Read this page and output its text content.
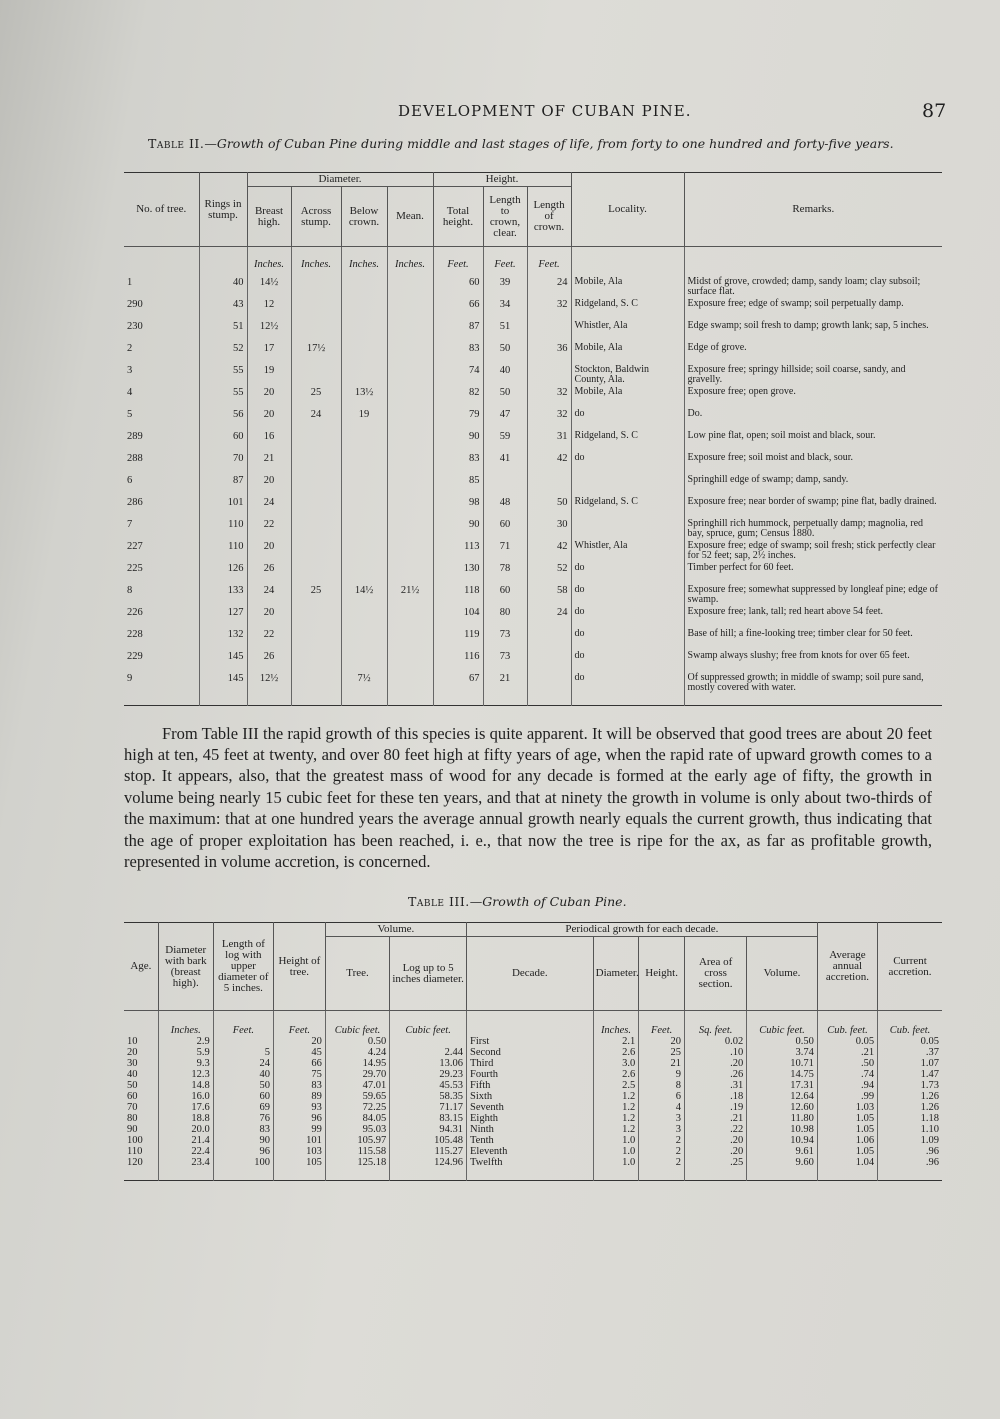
DEVELOPMENT OF CUBAN PINE.	87
Table II.—Growth of Cuban Pine during middle and last stages of life, from forty to one hundred and forty-five years.
No. of tree.	Rings in stump.	Diameter.				Height.			Locality.	Remarks.
		Breast high.	Across stump.	Below crown.	Mean.	Total height.	Length to crown, clear.	Length of crown.		
		Inches.	Inches.	Inches.	Inches.	Feet.	Feet.	Feet.		
1	40	14½				60	39	24	Mobile, Ala	Midst of grove, crowded; damp, sandy loam; clay subsoil; surface flat.
290	43	12				66	34	32	Ridgeland, S. C	Exposure free; edge of swamp; soil perpetually damp.
230	51	12½				87	51		Whistler, Ala	Edge swamp; soil fresh to damp; growth lank; sap, 5 inches.
2	52	17	17½			83	50	36	Mobile, Ala	Edge of grove.
3	55	19				74	40		Stockton, Baldwin County, Ala.	Exposure free; springy hillside; soil coarse, sandy, and gravelly.
4	55	20	25	13½		82	50	32	Mobile, Ala	Exposure free; open grove.
5	56	20	24	19		79	47	32	do	Do.
289	60	16				90	59	31	Ridgeland, S. C	Low pine flat, open; soil moist and black, sour.
288	70	21				83	41	42	do	Exposure free; soil moist and black, sour.
6	87	20				85				Springhill edge of swamp; damp, sandy.
286	101	24				98	48	50	Ridgeland, S. C	Exposure free; near border of swamp; pine flat, badly drained.
7	110	22				90	60	30		Springhill rich hummock, perpetually damp; magnolia, red bay, spruce, gum; Census 1880.
227	110	20				113	71	42	Whistler, Ala	Exposure free; edge of swamp; soil fresh; stick perfectly clear for 52 feet; sap, 2½ inches.
225	126	26				130	78	52	do	Timber perfect for 60 feet.
8	133	24	25	14½	21½	118	60	58	do	Exposure free; somewhat suppressed by longleaf pine; edge of swamp.
226	127	20				104	80	24	do	Exposure free; lank, tall; red heart above 54 feet.
228	132	22				119	73		do	Base of hill; a fine-looking tree; timber clear for 50 feet.
229	145	26				116	73		do	Swamp always slushy; free from knots for over 65 feet.
9	145	12½		7½		67	21		do	Of suppressed growth; in middle of swamp; soil pure sand, mostly covered with water.

From Table III the rapid growth of this species is quite apparent. It will be observed that good trees are about 20 feet high at ten, 45 feet at twenty, and over 80 feet high at fifty years of age, when the rapid rate of upward growth comes to a stop. It appears, also, that the greatest mass of wood for any decade is formed at the early age of fifty, the growth in volume being nearly 15 cubic feet for these ten years, and that at ninety the growth in volume is only about two-thirds of the maximum: that at one hundred years the average annual growth nearly equals the current growth, thus indicating that the age of proper exploitation has been reached, i. e., that now the tree is ripe for the ax, as far as profitable growth, represented in volume accretion, is concerned.

Table III.—Growth of Cuban Pine.
Age.	Diameter with bark (breast high).	Length of log with upper diameter of 5 inches.	Height of tree.	Volume.		Periodical growth for each decade.					Average annual accretion.	Current accretion.
				Tree.	Log up to 5 inches diameter.	Decade.	Diameter.	Height.	Area of cross section.	Volume.		
	Inches.	Feet.	Feet.	Cubic feet.	Cubic feet.		Inches.	Feet.	Sq. feet.	Cubic feet.	Cub. feet.	Cub. feet.
10	2.9		20	0.50		First	2.1	20	0.02	0.50	0.05	0.05
20	5.9	5	45	4.24	2.44	Second	2.6	25	.10	3.74	.21	.37
30	9.3	24	66	14.95	13.06	Third	3.0	21	.20	10.71	.50	1.07
40	12.3	40	75	29.70	29.23	Fourth	2.6	9	.26	14.75	.74	1.47
50	14.8	50	83	47.01	45.53	Fifth	2.5	8	.31	17.31	.94	1.73
60	16.0	60	89	59.65	58.35	Sixth	1.2	6	.18	12.64	.99	1.26
70	17.6	69	93	72.25	71.17	Seventh	1.2	4	.19	12.60	1.03	1.26
80	18.8	76	96	84.05	83.15	Eighth	1.2	3	.21	11.80	1.05	1.18
90	20.0	83	99	95.03	94.31	Ninth	1.2	3	.22	10.98	1.05	1.10
100	21.4	90	101	105.97	105.48	Tenth	1.0	2	.20	10.94	1.06	1.09
110	22.4	96	103	115.58	115.27	Eleventh	1.0	2	.20	9.61	1.05	.96
120	23.4	100	105	125.18	124.96	Twelfth	1.0	2	.25	9.60	1.04	.96
